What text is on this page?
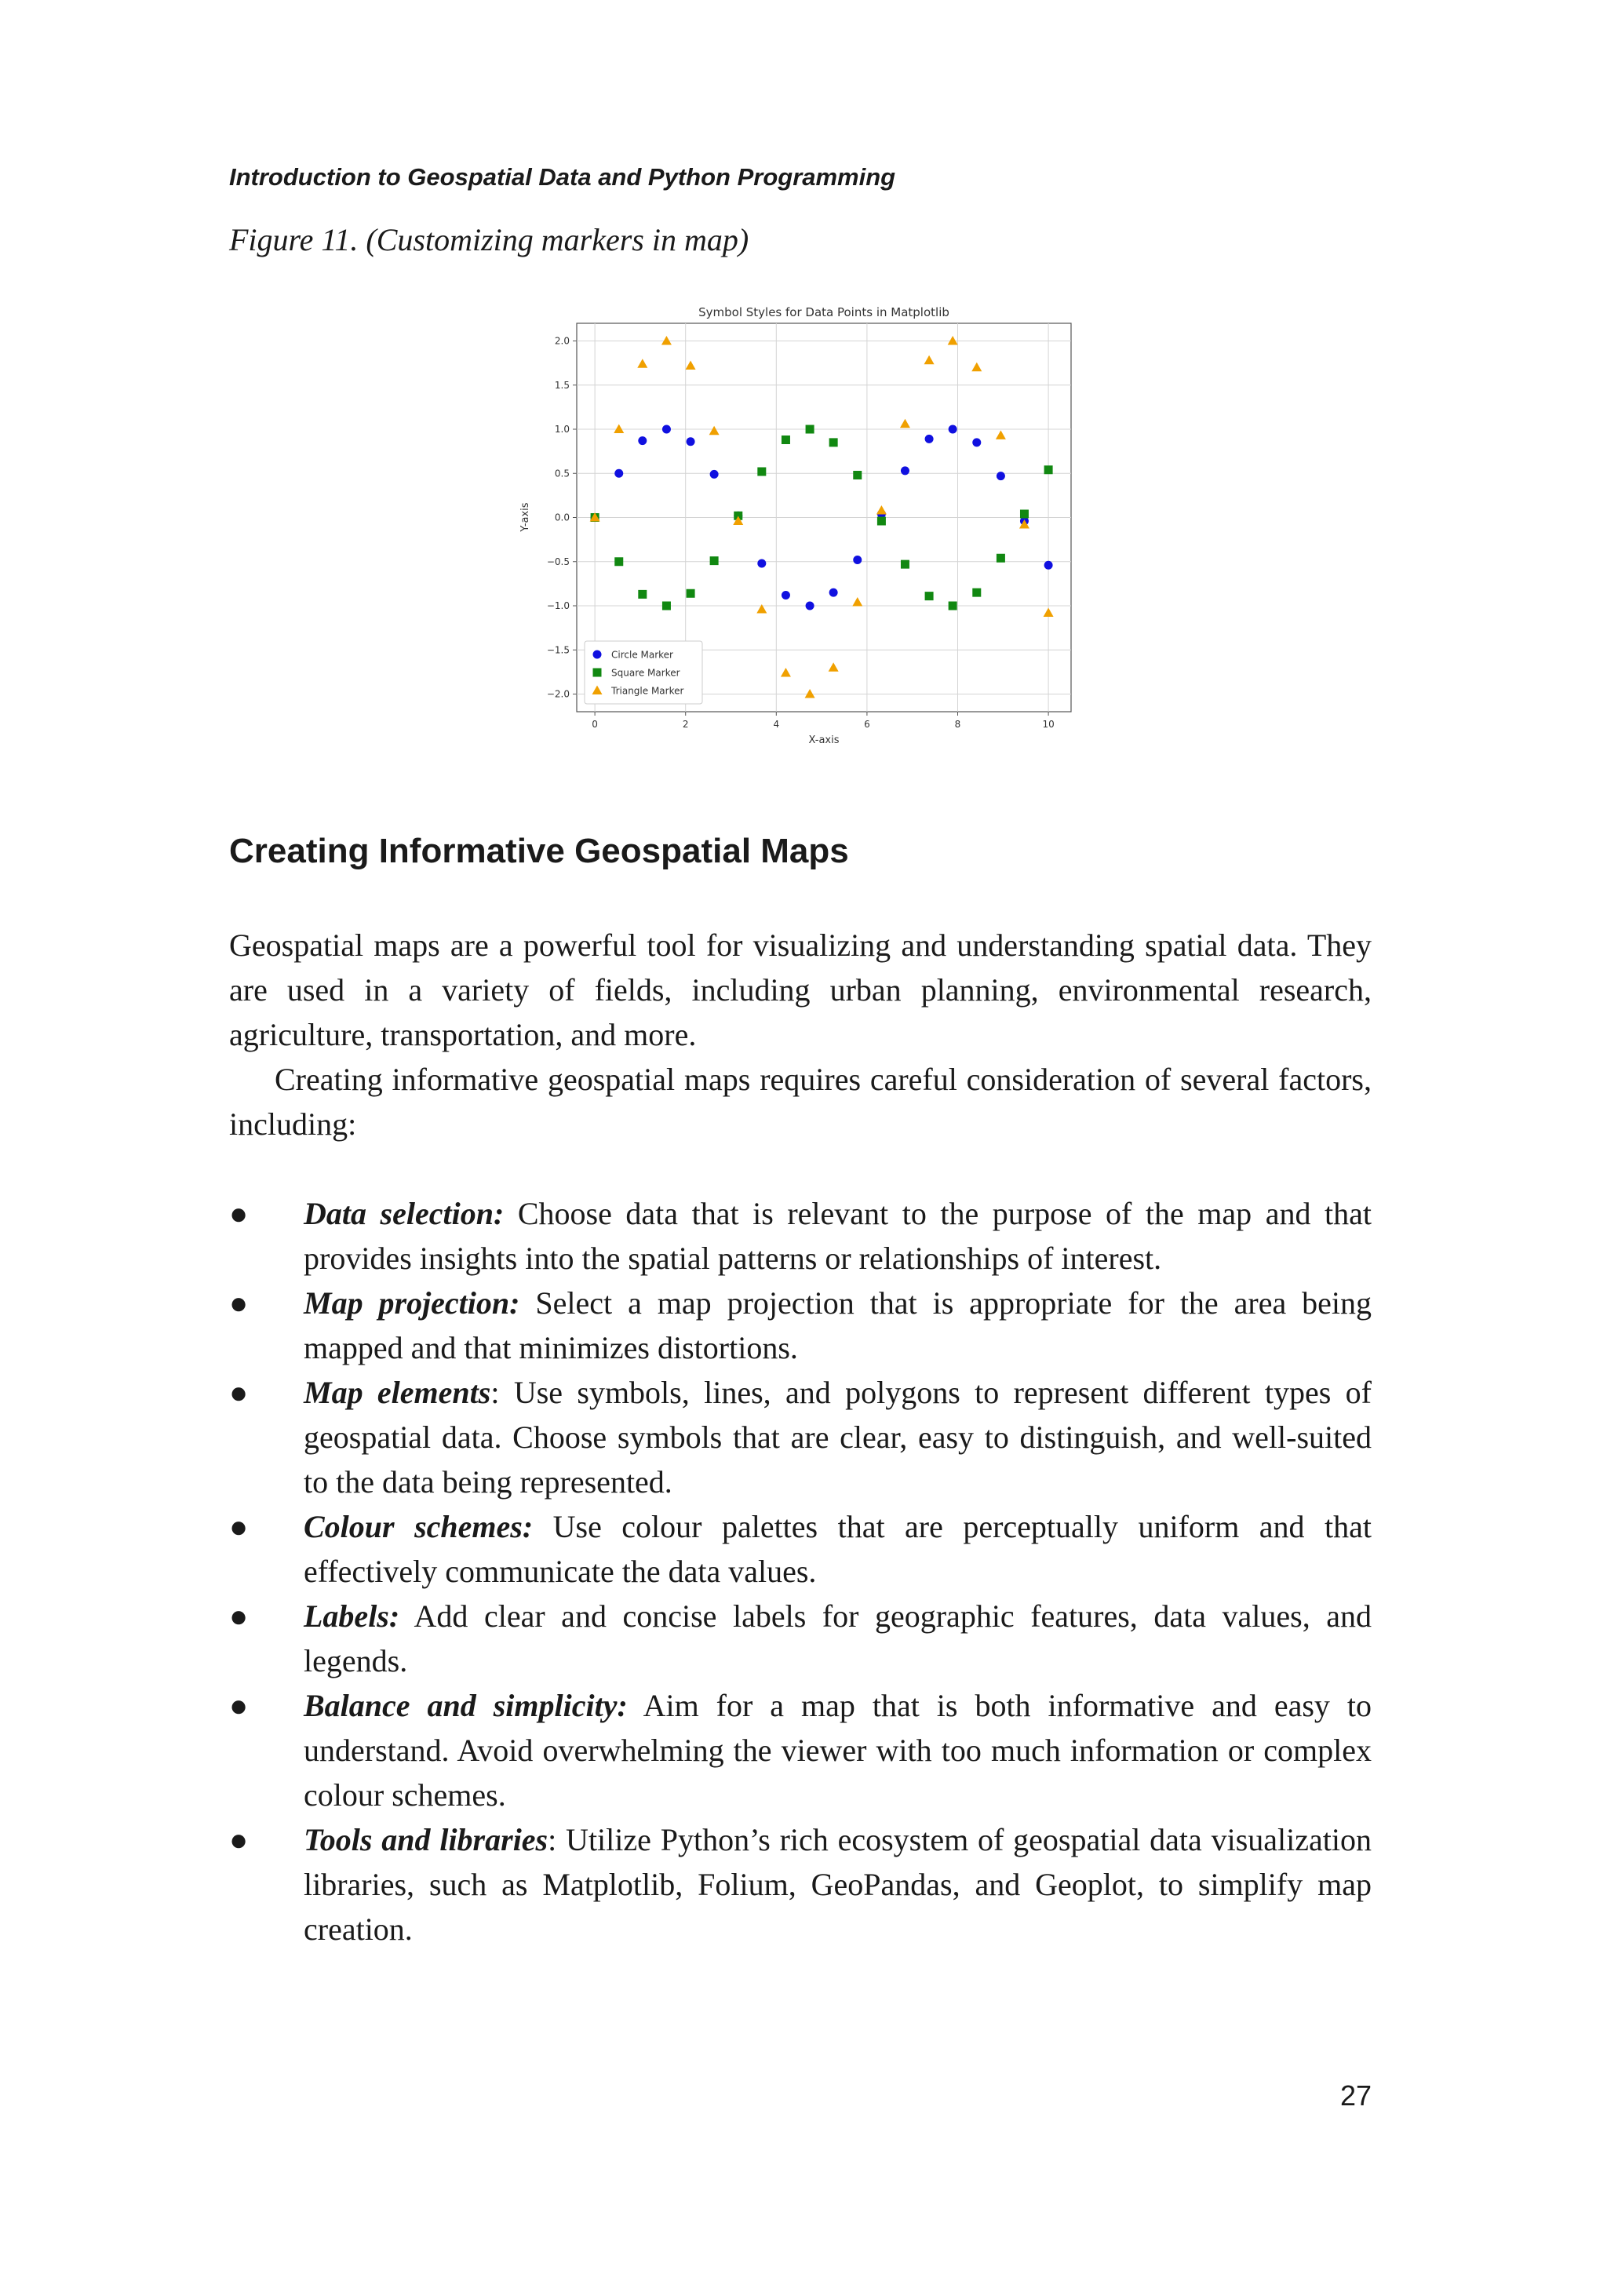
Introduction to Geospatial Data and Python Programming
Figure 11. (Customizing markers in map)
Symbol Styles for Data Points in Matplotlib
0	2	4	6	8	10
2.0
1.5
1.0
0.5
0.0
−0.5
−1.0
−1.5
−2.0
X-axis
Y-axis
Circle Marker
Square Marker
Triangle Marker
Creating Informative Geospatial Maps

Geospatial maps are a powerful tool for visualizing and understanding spatial data. They are used in a variety of fields, including urban planning, environmental research, agriculture, transportation, and more.

Creating informative geospatial maps requires careful consideration of several factors, including:

● Data selection: Choose data that is relevant to the purpose of the map and that provides insights into the spatial patterns or relationships of interest.
● Map projection: Select a map projection that is appropriate for the area being mapped and that minimizes distortions.
● Map elements: Use symbols, lines, and polygons to represent different types of geospatial data. Choose symbols that are clear, easy to distinguish, and well-suited to the data being represented.
● Colour schemes: Use colour palettes that are perceptually uniform and that effectively communicate the data values.
● Labels: Add clear and concise labels for geographic features, data values, and legends.
● Balance and simplicity: Aim for a map that is both informative and easy to understand. Avoid overwhelming the viewer with too much information or complex colour schemes.
● Tools and libraries: Utilize Python’s rich ecosystem of geospatial data visualization libraries, such as Matplotlib, Folium, GeoPandas, and Geoplot, to simplify map creation.
27
